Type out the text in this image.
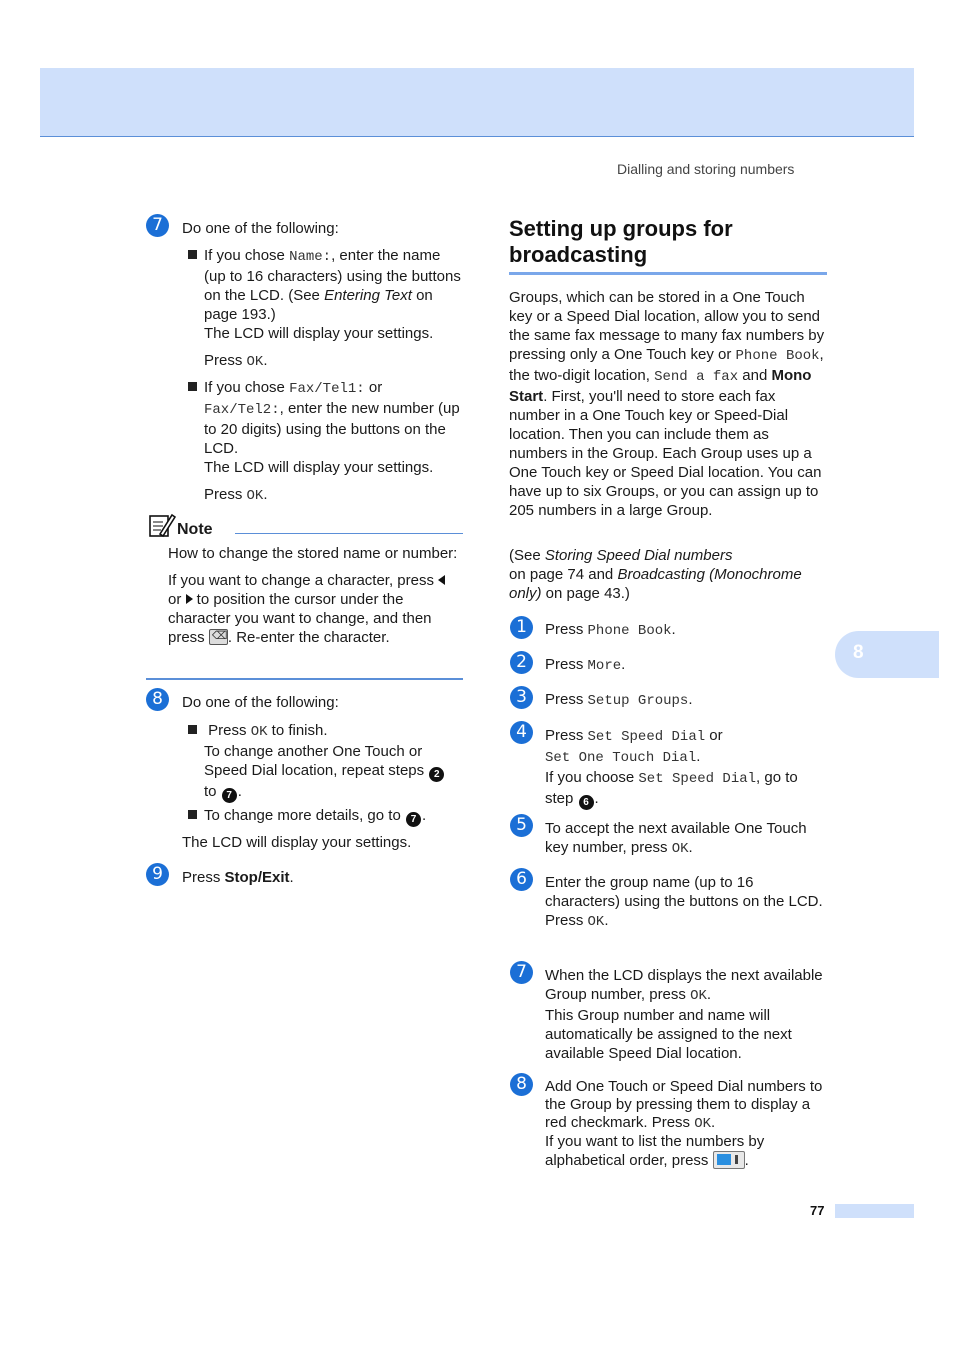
Dialling and storing numbers
7	Do one of the following:
If you chose Name:, enter the name (up to 16 characters) using the buttons on the LCD. (See Entering Text on page 193.)
The LCD will display your settings.
Press OK.
If you chose Fax/Tel1: or
Fax/Tel2:, enter the new number (up to 20 digits) using the buttons on the LCD.
The LCD will display your settings.
Press OK.
Note
How to change the stored name or number:
If you want to change a character, press  or  to position the cursor under the character you want to change, and then press ⌫. Re-enter the character.
8	Do one of the following:
Press OK to finish.
To change another One Touch or Speed Dial location, repeat steps 2
to 7 .
To change more details, go to 7 .
The LCD will display your settings.
9	Press Stop/Exit.
Setting up groups for broadcasting
Groups, which can be stored in a One Touch key or a Speed Dial location, allow you to send the same fax message to many fax numbers by pressing only a One Touch key or Phone Book, the two-digit location, Send a fax and Mono Start. First, you'll need to store each fax number in a One Touch key or Speed-Dial location. Then you can include them as numbers in the Group. Each Group uses up a One Touch key or Speed Dial location. You can have up to six Groups, or you can assign up to 205 numbers in a large Group.
(See Storing Speed Dial numbers
on page 74 and Broadcasting (Monochrome only) on page 43.)
1	Press Phone Book.
2	Press More.
3	Press Setup Groups.
4	Press Set Speed Dial or
Set One Touch Dial.
If you choose Set Speed Dial, go to step 6 .
5	To accept the next available One Touch key number, press OK.
6	Enter the group name (up to 16 characters) using the buttons on the LCD.
Press OK.
7	When the LCD displays the next available Group number, press OK.
This Group number and name will automatically be assigned to the next available Speed Dial location.
8	Add One Touch or Speed Dial numbers to the Group by pressing them to display a red checkmark. Press OK.
If you want to list the numbers by alphabetical order, press .
8
77
